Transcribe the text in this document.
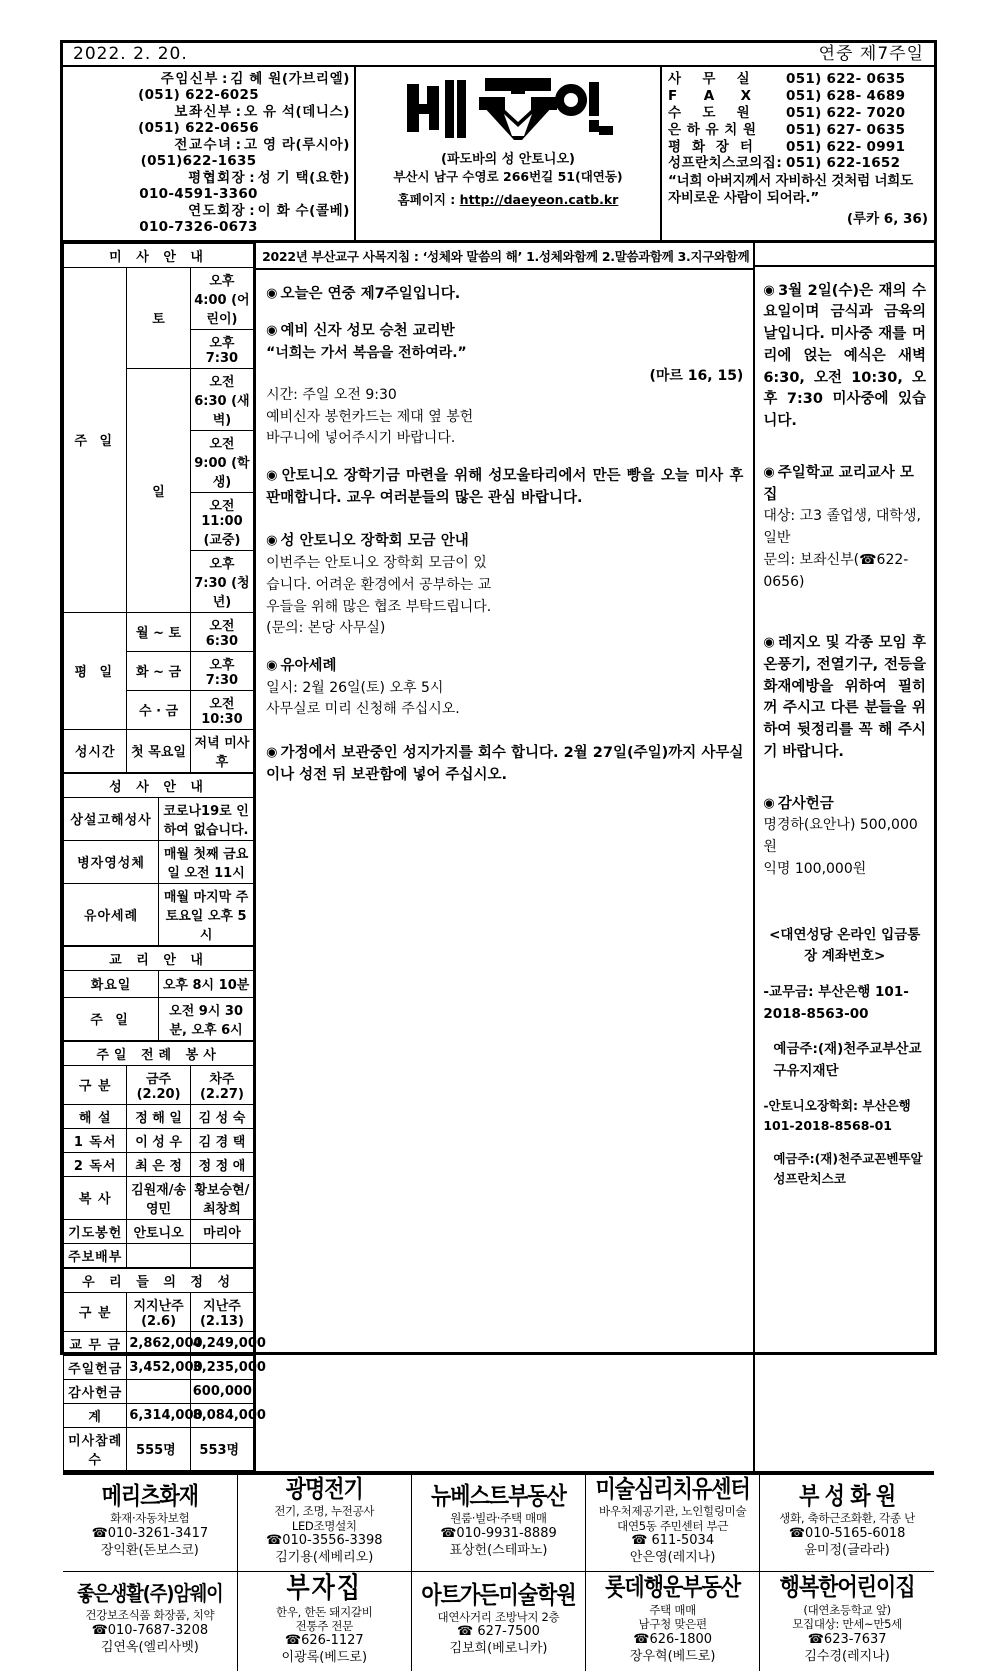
2022. 2. 20.	연중 제7주일
주임신부 : 김 혜 원(가브리엘)
(051) 622-6025
보좌신부 : 오 유 석(데니스)
(051) 622-0656
전교수녀 : 고 영 라(루시아)
(051)622-1635
평협회장 : 성 기 택(요한)
010-4591-3360
연도회장 : 이 화 수(콜베)
010-7326-0673
(파도바의 성 안토니오)
부산시 남구 수영로 266번길 51(대연동)
홈페이지 : http://daeyeon.catb.kr
사    무    실	051) 622- 0635
F     A     X	051) 628- 4689
수    도    원	051) 622- 7020
은 하 유 치 원	051) 627- 0635
평  화  장  터	051) 622- 0991
성프란치스코의집: 051) 622-1652
“너희 아버지께서 자비하신 것처럼 너희도 자비로운 사람이 되어라.”
(루카 6, 36)
미 사 안 내		
주 일	토	오후 4:00 (어린이)
		오후 7:30
	일	오전 6:30 (새벽)
		오전 9:00 (학생)
		오전 11:00 (교중)
		오후 7:30 (청년)
평 일	월 ~ 토	오전 6:30
	화 ~ 금	오후 7:30
	수 · 금	오전 10:30
성시간	첫 목요일	저녁 미사 후
성 사 안 내	
상설고해성사	코로나19로 인하여 없습니다.
병자영성체	매월 첫째 금요일 오전 11시
유아세례	매월 마지막 주 토요일 오후 5시
교 리 안 내	
화요일	오후 8시 10분
주 일	오전 9시 30분, 오후 6시
주일 전례 봉사		
구 분	금주(2.20)	차주(2.27)
해 설	정 해 일	김 성 숙
1 독서	이 성 우	김 경 택
2 독서	최 은 정	정 정 애
복 사	김원재/송영민	황보승현/최창희
기도봉헌	안토니오	마리아
주보배부		
우 리 들 의 정 성		
구 분	지지난주(2.6)	지난주(2.13)
교 무 금	2,862,000	4,249,000
주일헌금	3,452,000	3,235,000
감사헌금		600,000
계	6,314,000	8,084,000
미사참례수	555명	553명
2022년 부산교구 사목지침 : ‘성체와 말씀의 해’ 1.성체와함께 2.말씀과함께 3.지구와함께

◉ 오늘은 연중 제7주일입니다.

◉ 예비 신자 성모 승천 교리반

“너희는 가서 복음을 전하여라.”

(마르 16, 15)

시간: 주일 오전 9:30

예비신자 봉헌카드는 제대 옆 봉헌

바구니에 넣어주시기 바랍니다.

◉ 안토니오 장학기금 마련을 위해 성모울타리에서 만든 빵을 오늘 미사 후 판매합니다. 교우 여러분들의 많은 관심 바랍니다.

◉ 성 안토니오 장학회 모금 안내

이번주는 안토니오 장학회 모금이 있

습니다. 어려운 환경에서 공부하는 교

우들을 위해 많은 협조 부탁드립니다.

(문의: 본당 사무실)

◉ 유아세례

일시: 2월 26일(토) 오후 5시

사무실로 미리 신청해 주십시오.

◉ 가정에서 보관중인 성지가지를 회수 합니다. 2월 27일(주일)까지 사무실이나 성전 뒤 보관함에 넣어 주십시오.

◉ 3월 2일(수)은 재의 수요일이며 금식과 금육의 날입니다. 미사중 재를 머리에 얹는 예식은 새벽 6:30, 오전 10:30, 오후 7:30 미사중에 있습니다.

◉ 주일학교 교리교사 모집

대상: 고3 졸업생, 대학생, 일반

문의: 보좌신부(☎622-0656)

◉ 레지오 및 각종 모임 후 온풍기, 전열기구, 전등을 화재예방을 위하여 필히 꺼 주시고 다른 분들을 위하여 뒷정리를 꼭 해 주시기 바랍니다.

◉ 감사헌금

명경하(요안나) 500,000원

익명 100,000원

<대연성당 온라인 입금통장 계좌번호>

-교무금: 부산은행 101-2018-8563-00

예금주:(재)천주교부산교구유지재단

-안토니오장학회: 부산은행 101-2018-8568-01

예금주:(재)천주교꼰벤뚜알성프란치스코

메리츠화재
화재·자동차보험
☎010-3261-3417
장익환(돈보스코)	광명전기
전기, 조명, 누전공사
LED조명설치
☎010-3556-3398
김기용(세베리오)	뉴베스트부동산
원룸·빌라·주택 매매
☎010-9931-8889
표상헌(스테파노)	미술심리치유센터
바우처제공기관, 노인힐링미술
대연5동 주민센터 부근
☎ 611-5034
안은영(레지나)	부 성 화 원
생화, 축하근조화환, 각종 난
☎010-5165-6018
윤미정(글라라)

좋은생활(주)암웨이
건강보조식품 화장품, 치약
☎010-7687-3208
김연옥(엘리사벳)	부자집
한우, 한돈 돼지갈비
전통주 전문
☎626-1127
이광록(베드로)	아트가든미술학원
대연사거리 조방낙지 2층
☎ 627-7500
김보희(베로니카)	롯데행운부동산
주택 매매
남구청 맞은편
☎626-1800
장우혁(베드로)	행복한어린이집
(대연초등학교 앞)
모집대상: 만세~만5세
☎623-7637
김수경(레지나)
